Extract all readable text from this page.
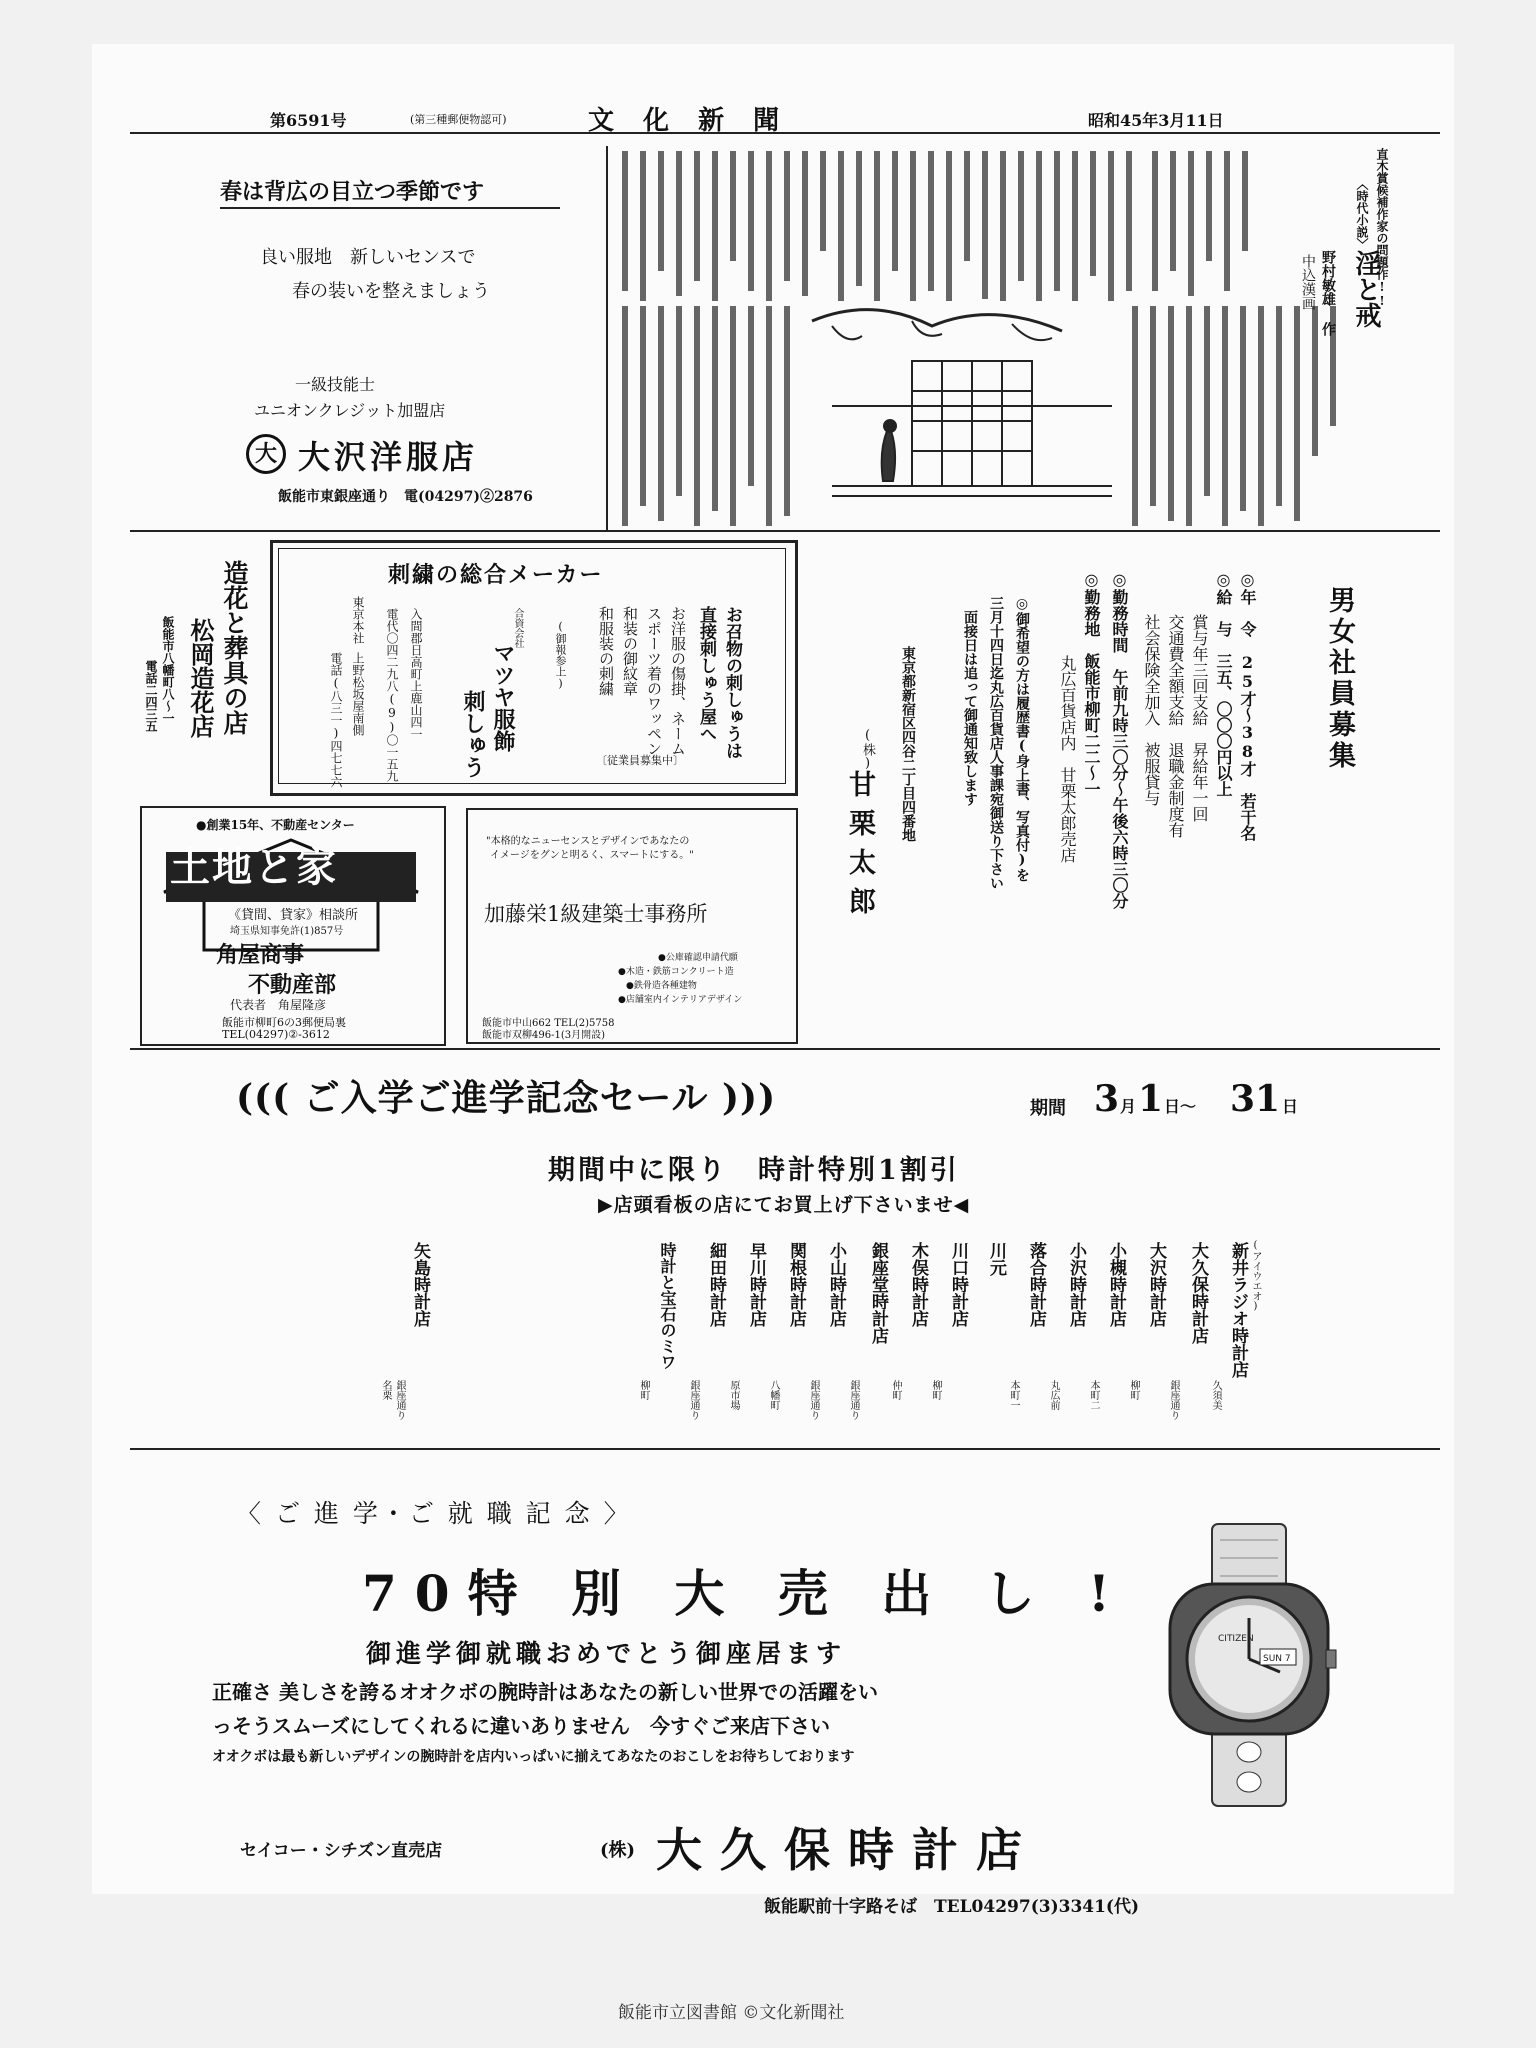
第6591号	(第三種郵便物認可)	文 化 新 聞	昭和45年3月11日
春は背広の目立つ季節です
良い服地　新しいセンスで
春の装いを整えましょう
一級技能士
ユニオンクレジット加盟店
大 大沢洋服店
飯能市東銀座通り　電(04297)②2876
直木賞候補作家の問題作!!
〈時代小説〉
淫と戒
野村敏雄 作
中込漢画
造花と葬具の店
松岡造花店
飯能市八幡町八〜一
電話二四三五
刺繍の総合メーカー
お召物の刺しゅうは
直接刺しゅう屋へ
お洋服の傷掛、ネーム
スポーツ着のワッペン
和装の御紋章
和服装の刺繍
(御報参上)
合資会社
マツヤ服飾
刺しゅう
入間郡日高町上鹿山四一
電代〇四二九八(9)〇一五九
東京本社
上野松坂屋南側
電話(八三一)四七七六	〔従業員募集中〕	男女社員募集
◎年　令　25才〜38才　若干名
◎給　与　三五、〇〇〇円以上
賞与年三回支給　昇給年一回
交通費全額支給　退職金制度有
社会保険全加入　被服貸与
◎勤務時間　午前九時三〇分〜午後六時三〇分
◎勤務地　飯能市柳町二二〜一
丸広百貨店内　甘栗太郎売店
◎御希望の方は履歴書(身上書、写真付)を
三月十四日迄丸広百貨店人事課宛御送り下さい
面接日は追って御通知致します
東京都新宿区四谷二丁目四番地
(株)
甘栗太郎
●創業15年、不動産センター
土地と家
《貸間、貸家》相談所
埼玉県知事免許(1)857号
角屋商事
不動産部
代表者　角屋隆彦
飯能市柳町6の3郵便局裏
TEL(04297)②-3612
"本格的なニューセンスとデザインであなたの
イメージをグンと明るく、スマートにする。"
加藤栄1級建築士事務所
●公庫確認申請代願
●木造・鉄筋コンクリート造
●鉄骨造各種建物
●店舗室内インテリアデザイン
飯能市中山662 TEL(2)5758
飯能市双柳496-1(3月開設)
((( ご入学ご進学記念セール )))	期間 3 月 1 日〜 31 日
期間中に限り　時計特別1割引
▶店頭看板の店にてお買上げ下さいませ◀
(アイウエオ)
新井ラジオ時計店
久須美
大久保時計店
銀座通り
大沢時計店
柳町
小槻時計店
本町二
小沢時計店
丸広前
落合時計店
本町一
川元
川口時計店
柳町
木俣時計店
仲町
銀座堂時計店
銀座通り
小山時計店
銀座通り
関根時計店
八幡町
早川時計店
原市場
細田時計店
銀座通り
時計と宝石のミワ
柳町
矢島時計店
銀座通り
名栗
〈 ご 進 学・ご 就 職 記 念 〉
70特 別 大 売 出 し !
御進学御就職おめでとう御座居ます
正確さ 美しさを誇るオオクボの腕時計はあなたの新しい世界での活躍をい
っそうスムーズにしてくれるに違いありません　今すぐご来店下さい
オオクボは最も新しいデザインの腕時計を店内いっぱいに揃えてあなたのおこしをお待ちしております
セイコー・シチズン直売店	(株) 大久保時計店
飯能駅前十字路そば　TEL04297(3)3341(代)
CITIZEN
SUN 7
飯能市立図書館 ©文化新聞社
